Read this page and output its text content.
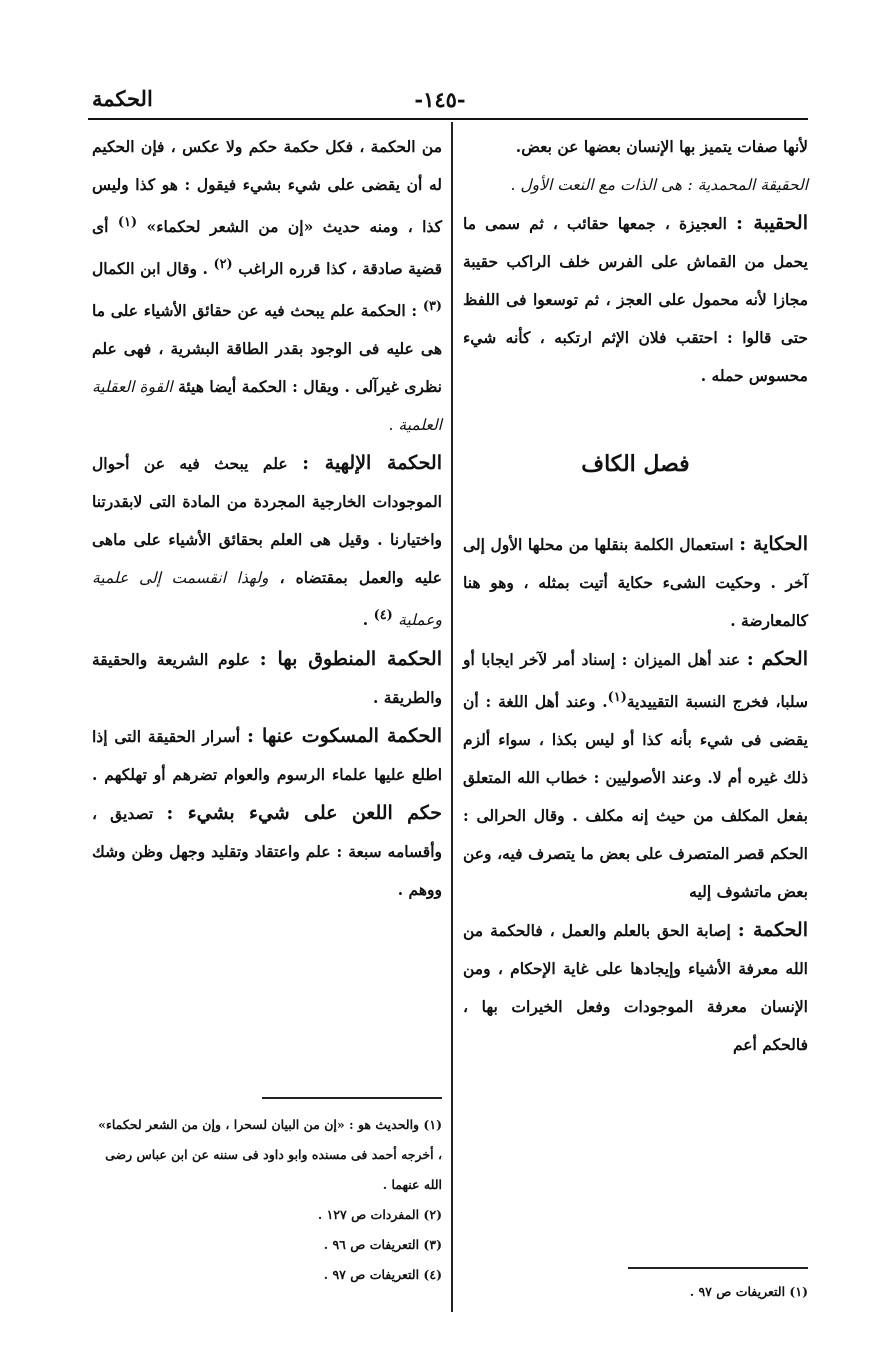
الحكمة	-١٤٥-

لأنها صفات يتميز بها الإنسان بعضها عن بعض.

الحقيقة المحمدية : هى الذات مع النعت الأول .

الحقيبة : العجيزة ، جمعها حقائب ، ثم سمى ما يحمل من القماش على الفرس خلف الراكب حقيبة مجازا لأنه محمول على العجز ، ثم توسعوا فى اللفظ حتى قالوا : احتقب فلان الإثم ارتكبه ، كأنه شيء محسوس حمله .

فصل الكاف

الحكاية : استعمال الكلمة بنقلها من محلها الأول إلى آخر . وحكيت الشىء حكاية أتيت بمثله ، وهو هنا كالمعارضة .

الحكم : عند أهل الميزان : إسناد أمر لآخر ايجابا أو سلبا، فخرج النسبة التقييدية$^{(١)}$. وعند أهل اللغة : أن يقضى فى شيء بأنه كذا أو ليس بكذا ، سواء ألزم ذلك غيره أم لا. وعند الأصوليين : خطاب الله المتعلق بفعل المكلف من حيث إنه مكلف . وقال الحرالى : الحكم قصر المتصرف على بعض ما يتصرف فيه، وعن بعض ماتشوف إليه

الحكمة : إصابة الحق بالعلم والعمل ، فالحكمة من الله معرفة الأشياء وإيجادها على غاية الإحكام ، ومن الإنسان معرفة الموجودات وفعل الخيرات بها ، فالحكم أعم

من الحكمة ، فكل حكمة حكم ولا عكس ، فإن الحكيم له أن يقضى على شيء بشيء فيقول : هو كذا وليس كذا ، ومنه حديث «إن من الشعر لحكماء» $^{(١)}$ أى قضية صادقة ، كذا قرره الراغب $^{(٢)}$ . وقال ابن الكمال $^{(٣)}$ : الحكمة علم يبحث فيه عن حقائق الأشياء على ما هى عليه فى الوجود بقدر الطاقة البشرية ، فهى علم نظرى غيرآلى . ويقال : الحكمة أيضا هيئة القوة العقلية العلمية .

الحكمة الإلهية : علم يبحث فيه عن أحوال الموجودات الخارجية المجردة من المادة التى لابقدرتنا واختيارنا . وقيل هى العلم بحقائق الأشياء على ماهى عليه والعمل بمقتضاه ، ولهذا انقسمت إلى علمية وعملية $^{(٤)}$ .

الحكمة المنطوق بها : علوم الشريعة والحقيقة والطريقة .

الحكمة المسكوت عنها : أسرار الحقيقة التى إذا اطلع عليها علماء الرسوم والعوام تضرهم أو تهلكهم . حكم اللعن على شيء بشيء : تصديق ، وأقسامه سبعة : علم واعتقاد وتقليد وجهل وظن وشك ووهم .

(١) والحديث هو : «إن من البيان لسحرا ، وإن من الشعر لحكماء» ، أخرجه أحمد فى مسنده وابو داود فى سننه عن ابن عباس رضى الله عنهما .

(٢) المفردات ص ١٢٧ .

(٣) التعريفات ص ٩٦ .

(٤) التعريفات ص ٩٧ .

(١) التعريفات ص ٩٧ .
